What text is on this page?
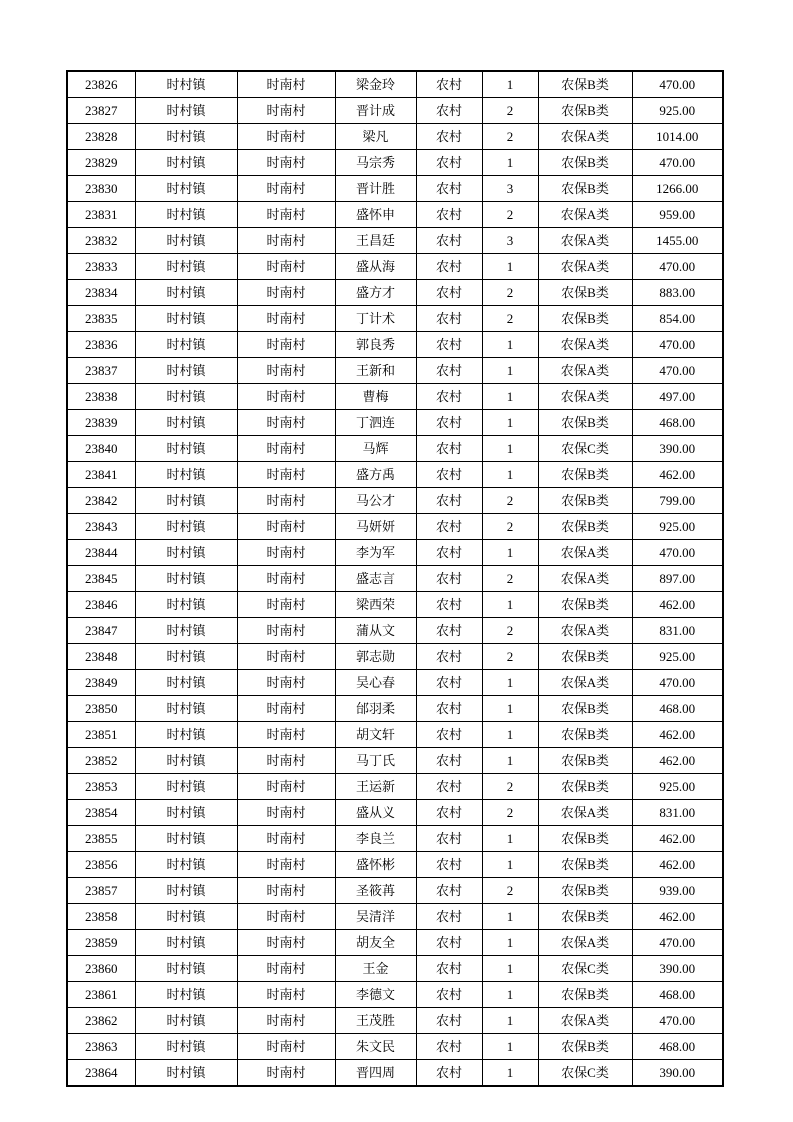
23826	时村镇	时南村	梁金玲	农村	1	农保B类	470.00
23827	时村镇	时南村	晋计成	农村	2	农保B类	925.00
23828	时村镇	时南村	梁凡	农村	2	农保A类	1014.00
23829	时村镇	时南村	马宗秀	农村	1	农保B类	470.00
23830	时村镇	时南村	晋计胜	农村	3	农保B类	1266.00
23831	时村镇	时南村	盛怀申	农村	2	农保A类	959.00
23832	时村镇	时南村	王昌廷	农村	3	农保A类	1455.00
23833	时村镇	时南村	盛从海	农村	1	农保A类	470.00
23834	时村镇	时南村	盛方才	农村	2	农保B类	883.00
23835	时村镇	时南村	丁计术	农村	2	农保B类	854.00
23836	时村镇	时南村	郭良秀	农村	1	农保A类	470.00
23837	时村镇	时南村	王新和	农村	1	农保A类	470.00
23838	时村镇	时南村	曹梅	农村	1	农保A类	497.00
23839	时村镇	时南村	丁泗连	农村	1	农保B类	468.00
23840	时村镇	时南村	马辉	农村	1	农保C类	390.00
23841	时村镇	时南村	盛方禹	农村	1	农保B类	462.00
23842	时村镇	时南村	马公才	农村	2	农保B类	799.00
23843	时村镇	时南村	马妍妍	农村	2	农保B类	925.00
23844	时村镇	时南村	李为军	农村	1	农保A类	470.00
23845	时村镇	时南村	盛志言	农村	2	农保A类	897.00
23846	时村镇	时南村	梁西荣	农村	1	农保B类	462.00
23847	时村镇	时南村	蒲从文	农村	2	农保A类	831.00
23848	时村镇	时南村	郭志勋	农村	2	农保B类	925.00
23849	时村镇	时南村	吴心春	农村	1	农保A类	470.00
23850	时村镇	时南村	邰羽柔	农村	1	农保B类	468.00
23851	时村镇	时南村	胡文轩	农村	1	农保B类	462.00
23852	时村镇	时南村	马丁氏	农村	1	农保B类	462.00
23853	时村镇	时南村	王运新	农村	2	农保B类	925.00
23854	时村镇	时南村	盛从义	农村	2	农保A类	831.00
23855	时村镇	时南村	李良兰	农村	1	农保B类	462.00
23856	时村镇	时南村	盛怀彬	农村	1	农保B类	462.00
23857	时村镇	时南村	圣筱苒	农村	2	农保B类	939.00
23858	时村镇	时南村	吴清洋	农村	1	农保B类	462.00
23859	时村镇	时南村	胡友全	农村	1	农保A类	470.00
23860	时村镇	时南村	王金	农村	1	农保C类	390.00
23861	时村镇	时南村	李德文	农村	1	农保B类	468.00
23862	时村镇	时南村	王茂胜	农村	1	农保A类	470.00
23863	时村镇	时南村	朱文民	农村	1	农保B类	468.00
23864	时村镇	时南村	晋四周	农村	1	农保C类	390.00
